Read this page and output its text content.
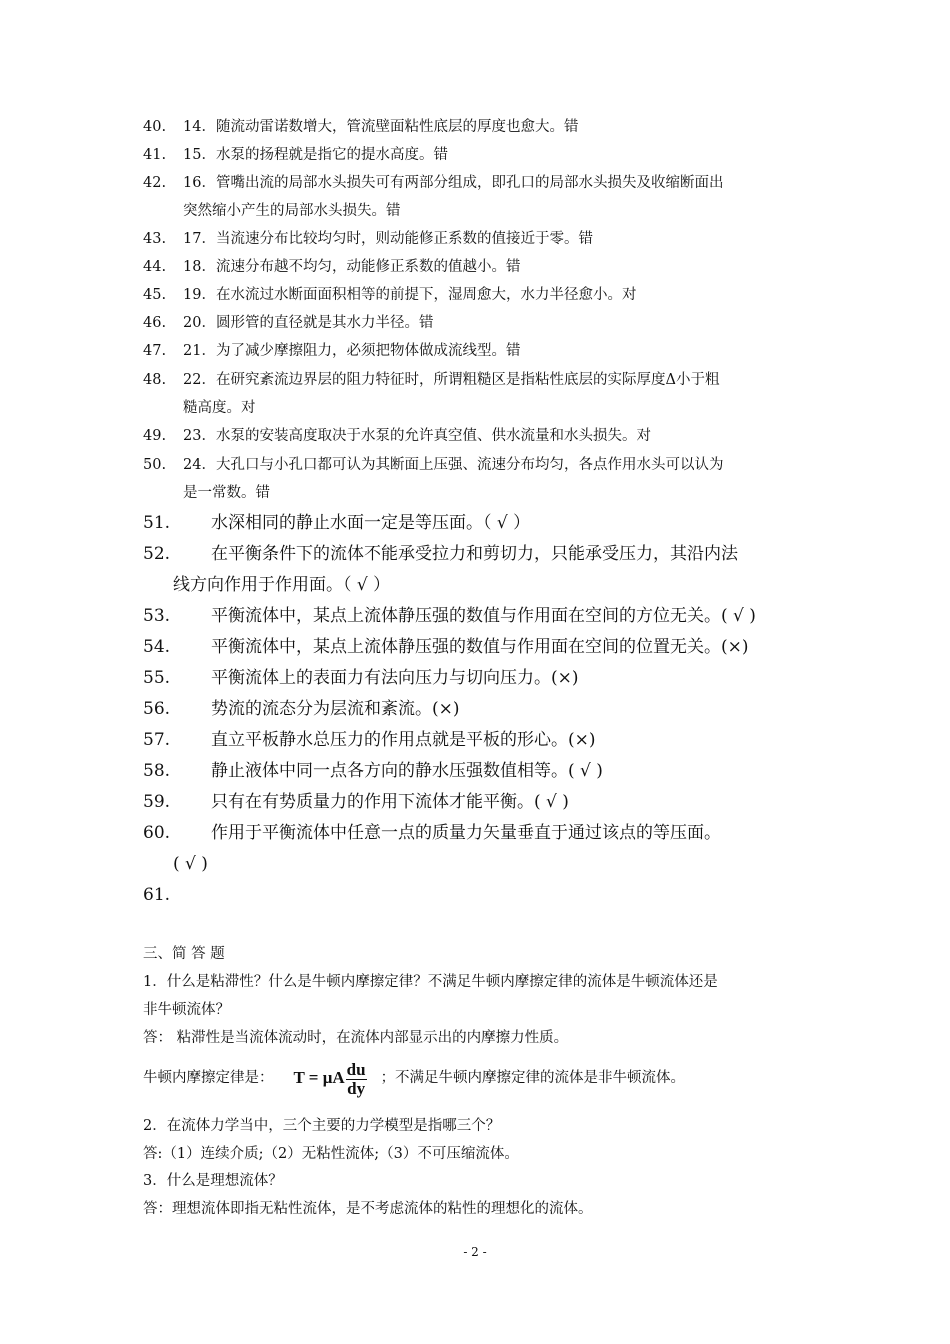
40. 14．随流动雷诺数增大，管流壁面粘性底层的厚度也愈大。错
41. 15．水泵的扬程就是指它的提水高度。错
42. 16．管嘴出流的局部水头损失可有两部分组成，即孔口的局部水头损失及收缩断面出
突然缩小产生的局部水头损失。错
43. 17．当流速分布比较均匀时，则动能修正系数的值接近于零。错
44. 18．流速分布越不均匀，动能修正系数的值越小。错
45. 19．在水流过水断面面积相等的前提下，湿周愈大，水力半径愈小。对
46. 20．圆形管的直径就是其水力半径。错
47. 21．为了减少摩擦阻力，必须把物体做成流线型。错
48. 22．在研究紊流边界层的阻力特征时，所谓粗糙区是指粘性底层的实际厚度Δ小于粗
糙高度。对
49. 23．水泵的安装高度取决于水泵的允许真空值、供水流量和水头损失。对
50. 24．大孔口与小孔口都可认为其断面上压强、流速分布均匀，各点作用水头可以认为
是一常数。错
51. 水深相同的静止水面一定是等压面。（ √ ）
52. 在平衡条件下的流体不能承受拉力和剪切力，只能承受压力，其沿内法
线方向作用于作用面。（ √ ）
53. 平衡流体中，某点上流体静压强的数值与作用面在空间的方位无关。( √ )
54. 平衡流体中，某点上流体静压强的数值与作用面在空间的位置无关。(×)
55. 平衡流体上的表面力有法向压力与切向压力。(×)
56. 势流的流态分为层流和紊流。(×)
57. 直立平板静水总压力的作用点就是平板的形心。(×)
58. 静止液体中同一点各方向的静水压强数值相等。( √ )
59. 只有在有势质量力的作用下流体才能平衡。( √ )
60. 作用于平衡流体中任意一点的质量力矢量垂直于通过该点的等压面。
( √ )
61.
三、简 答 题
1．什么是粘滞性？什么是牛顿内摩擦定律？不满足牛顿内摩擦定律的流体是牛顿流体还是
非牛顿流体？
答： 粘滞性是当流体流动时，在流体内部显示出的内摩擦力性质。
牛顿内摩擦定律是： T = μA $\frac{du}{dy}$ ；不满足牛顿内摩擦定律的流体是非牛顿流体。
2．在流体力学当中，三个主要的力学模型是指哪三个？
答:（1）连续介质;（2）无粘性流体;（3）不可压缩流体。
3．什么是理想流体？
答：理想流体即指无粘性流体，是不考虑流体的粘性的理想化的流体。
- 2 -
